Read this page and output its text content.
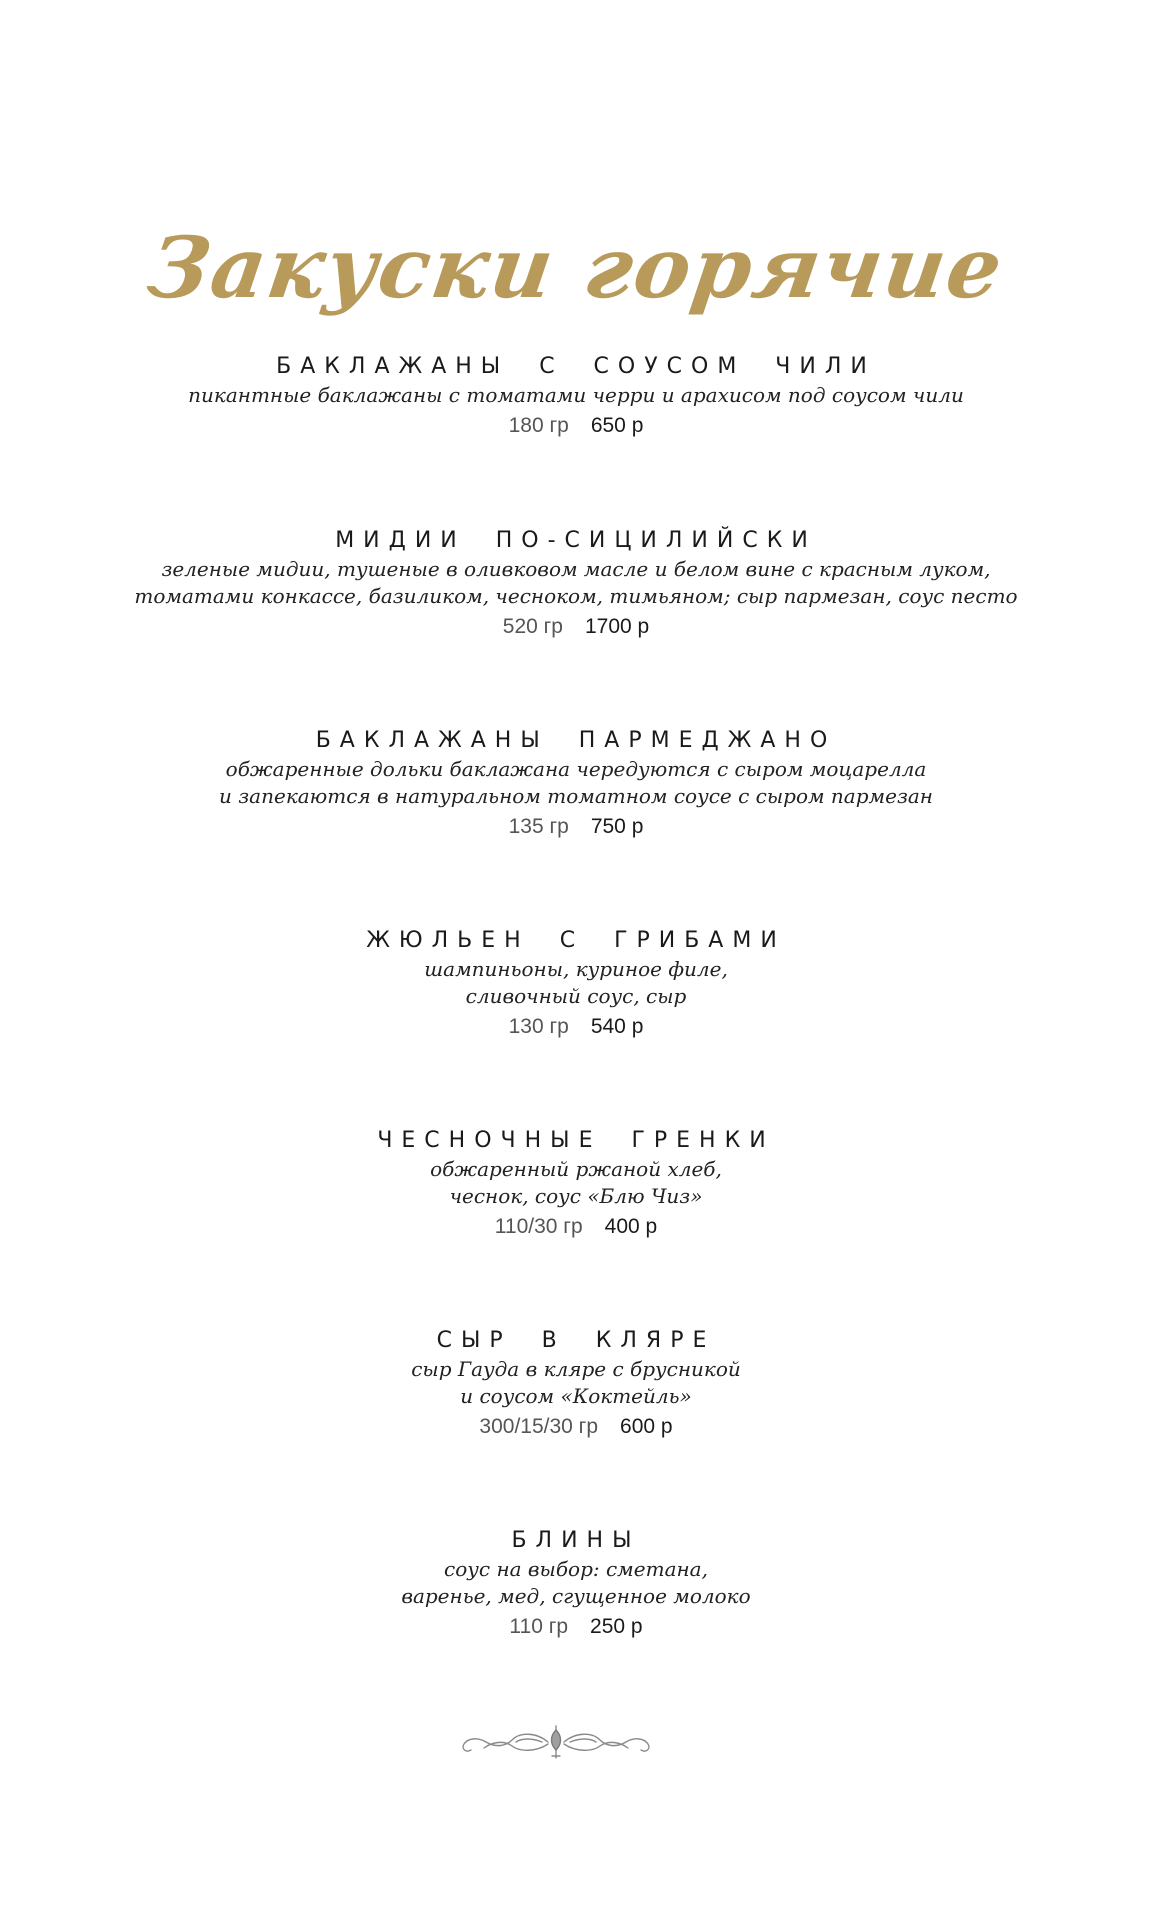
Закуски горячие
БАКЛАЖАНЫ С СОУСОМ ЧИЛИ

пикантные баклажаны с томатами черри и арахисом под соусом чили

180 гр 650 р

МИДИИ ПО-СИЦИЛИЙСКИ

зеленые мидии, тушеные в оливковом масле и белом вине с красным луком,
томатами конкассе, базиликом, чесноком, тимьяном; сыр пармезан, соус песто

520 гр 1700 р

БАКЛАЖАНЫ ПАРМЕДЖАНО

обжаренные дольки баклажана чередуются с сыром моцарелла
и запекаются в натуральном томатном соусе с сыром пармезан

135 гр 750 р

ЖЮЛЬЕН С ГРИБАМИ

шампиньоны, куриное филе,
сливочный соус, сыр

130 гр 540 р

ЧЕСНОЧНЫЕ ГРЕНКИ

обжаренный ржаной хлеб,
чеснок, соус «Блю Чиз»

110/30 гр 400 р

СЫР В КЛЯРЕ

сыр Гауда в кляре с брусникой
и соусом «Коктейль»

300/15/30 гр 600 р

БЛИНЫ

соус на выбор: сметана,
варенье, мед, сгущенное молоко

110 гр 250 р
